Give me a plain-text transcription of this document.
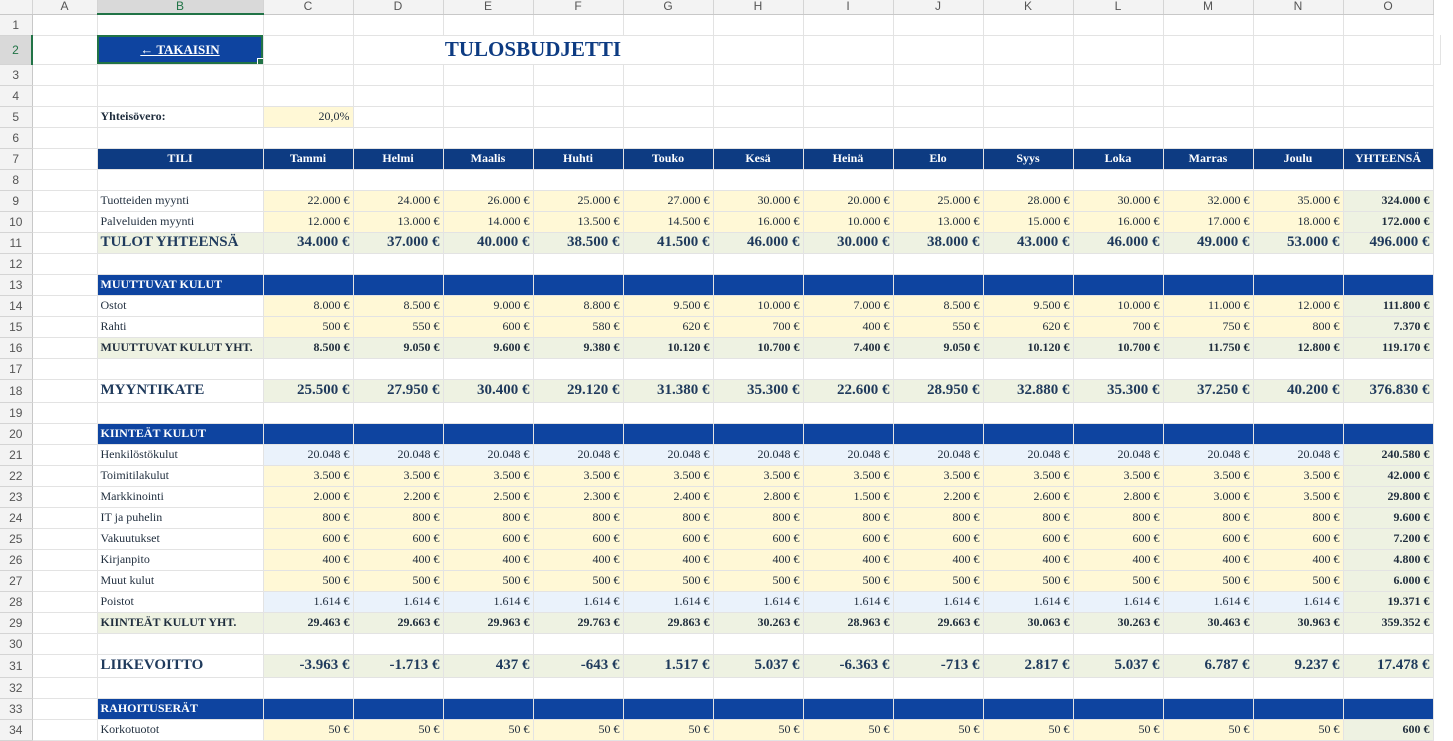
	A	B	C	D	E	F	G	H	I	J	K	L	M	N	O	
1																
2		← TAKAISIN		TULOSBUDJETTI												
3																
4																
5		Yhteisövero:	20,0%													
6																
7		TILI	Tammi	Helmi	Maalis	Huhti	Touko	Kesä	Heinä	Elo	Syys	Loka	Marras	Joulu	YHTEENSÄ	
8																
9		Tuotteiden myynti	22.000 €	24.000 €	26.000 €	25.000 €	27.000 €	30.000 €	20.000 €	25.000 €	28.000 €	30.000 €	32.000 €	35.000 €	324.000 €	
10		Palveluiden myynti	12.000 €	13.000 €	14.000 €	13.500 €	14.500 €	16.000 €	10.000 €	13.000 €	15.000 €	16.000 €	17.000 €	18.000 €	172.000 €	
11		TULOT YHTEENSÄ	34.000 €	37.000 €	40.000 €	38.500 €	41.500 €	46.000 €	30.000 €	38.000 €	43.000 €	46.000 €	49.000 €	53.000 €	496.000 €	
12																
13		MUUTTUVAT KULUT														
14		Ostot	8.000 €	8.500 €	9.000 €	8.800 €	9.500 €	10.000 €	7.000 €	8.500 €	9.500 €	10.000 €	11.000 €	12.000 €	111.800 €	
15		Rahti	500 €	550 €	600 €	580 €	620 €	700 €	400 €	550 €	620 €	700 €	750 €	800 €	7.370 €	
16		MUUTTUVAT KULUT YHT.	8.500 €	9.050 €	9.600 €	9.380 €	10.120 €	10.700 €	7.400 €	9.050 €	10.120 €	10.700 €	11.750 €	12.800 €	119.170 €	
17																
18		MYYNTIKATE	25.500 €	27.950 €	30.400 €	29.120 €	31.380 €	35.300 €	22.600 €	28.950 €	32.880 €	35.300 €	37.250 €	40.200 €	376.830 €	
19																
20		KIINTEÄT KULUT														
21		Henkilöstökulut	20.048 €	20.048 €	20.048 €	20.048 €	20.048 €	20.048 €	20.048 €	20.048 €	20.048 €	20.048 €	20.048 €	20.048 €	240.580 €	
22		Toimitilakulut	3.500 €	3.500 €	3.500 €	3.500 €	3.500 €	3.500 €	3.500 €	3.500 €	3.500 €	3.500 €	3.500 €	3.500 €	42.000 €	
23		Markkinointi	2.000 €	2.200 €	2.500 €	2.300 €	2.400 €	2.800 €	1.500 €	2.200 €	2.600 €	2.800 €	3.000 €	3.500 €	29.800 €	
24		IT ja puhelin	800 €	800 €	800 €	800 €	800 €	800 €	800 €	800 €	800 €	800 €	800 €	800 €	9.600 €	
25		Vakuutukset	600 €	600 €	600 €	600 €	600 €	600 €	600 €	600 €	600 €	600 €	600 €	600 €	7.200 €	
26		Kirjanpito	400 €	400 €	400 €	400 €	400 €	400 €	400 €	400 €	400 €	400 €	400 €	400 €	4.800 €	
27		Muut kulut	500 €	500 €	500 €	500 €	500 €	500 €	500 €	500 €	500 €	500 €	500 €	500 €	6.000 €	
28		Poistot	1.614 €	1.614 €	1.614 €	1.614 €	1.614 €	1.614 €	1.614 €	1.614 €	1.614 €	1.614 €	1.614 €	1.614 €	19.371 €	
29		KIINTEÄT KULUT YHT.	29.463 €	29.663 €	29.963 €	29.763 €	29.863 €	30.263 €	28.963 €	29.663 €	30.063 €	30.263 €	30.463 €	30.963 €	359.352 €	
30																
31		LIIKEVOITTO	-3.963 €	-1.713 €	437 €	-643 €	1.517 €	5.037 €	-6.363 €	-713 €	2.817 €	5.037 €	6.787 €	9.237 €	17.478 €	
32																
33		RAHOITUSERÄT														
34		Korkotuotot	50 €	50 €	50 €	50 €	50 €	50 €	50 €	50 €	50 €	50 €	50 €	50 €	600 €	
